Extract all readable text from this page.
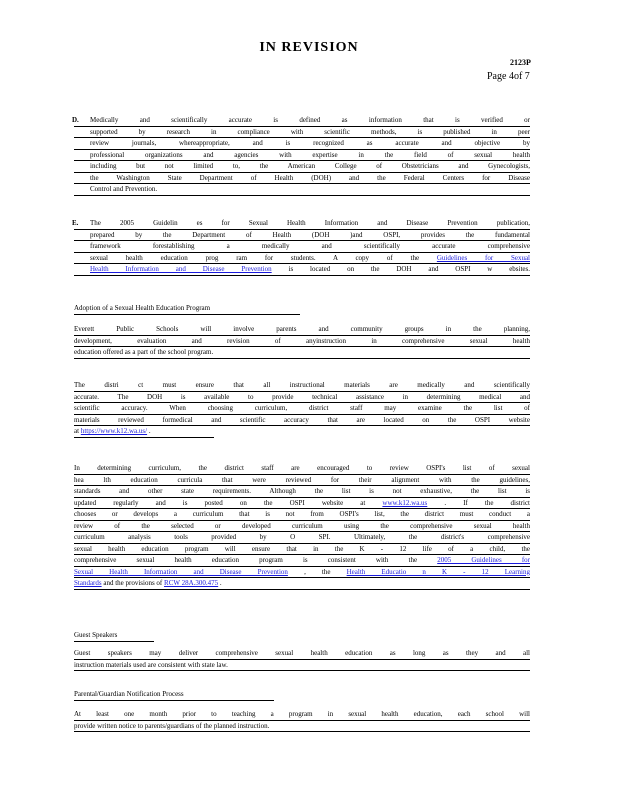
IN REVISION
2123P
Page 4of 7
D.	Medically and scientifically accurate is defined as information that is verified or
supported by research in compliance with scientific methods, is published in peer
review journals, whereappropriate, and is recognized as accurate and objective by
professional organizations and agencies with expertise in the field of sexual health
including but not limited to, the American College of Obstetricians and Gynecologists,
the Washington State Department of Health (DOH) and the Federal Centers for Disease
Control and Prevention.
E.	The 2005 Guidelin es for Sexual Health Information and Disease Prevention publication,
prepared by the Department of Health (DOH )and OSPI, provides the fundamental
framework forestablishing a medically and scientifically accurate comprehensive
sexual health education prog ram for students. A copy of the	Guidelines for Sexual
Health Information and Disease Prevention is located on the DOH and OSPI w ebsites.
Adoption of a Sexual Health Education Program
Everett Public Schools will involve parents and community groups in the planning,
development, evaluation and revision of anyinstruction in comprehensive sexual health
education offered as a part of the school program.
The distri ct must ensure that all instructional materials are medically and scientifically
accurate. The DOH is available to provide technical assistance in determining medical and
scientific accuracy. When choosing curriculum, district staff may examine the list of
materials reviewed formedical and scientific accuracy that are located on the OSPI website
at https://www.k12.wa.us/ .
In determining curriculum, the district staff are encouraged to review OSPI's list of sexual
hea lth education curricula that were reviewed for their alignment with the guidelines,
standards and other state requirements. Although the list is not exhaustive, the list is
updated regularly and is posted on the OSPI website at www.k12.wa.us . If the district
chooses or develops a curriculum that is not from OSPI's list, the district must conduct a
review of the selected or developed curriculum using the comprehensive sexual health
curriculum analysis tools provided by O SPI. Ultimately, the district's comprehensive
sexual health education program will ensure that in the K - 12 life of a child, the
comprehensive sexual health education program is consistent with the	2005 Guidelines for
Sexual Health Information and Disease Prevention , the Health Educatio n K - 12 Learning
Standards and the provisions of RCW 28A.300.475 .
Guest Speakers
Guest speakers may deliver comprehensive sexual health education as long as they and all
instruction materials used are consistent with state law.
Parental/Guardian Notification Process
At least one month prior to teaching a program in sexual health education, each school will
provide written notice to parents/guardians of the planned instruction.
